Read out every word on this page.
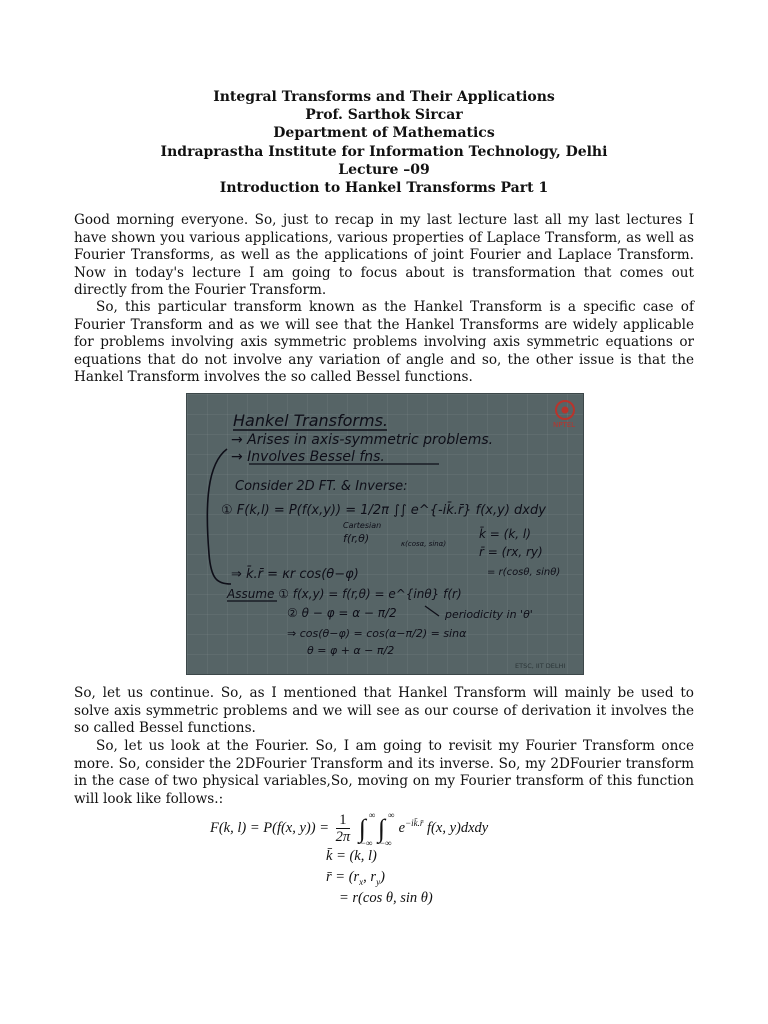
Integral Transforms and Their Applications
Prof. Sarthok Sircar
Department of Mathematics
Indraprastha Institute for Information Technology, Delhi
Lecture –09
Introduction to Hankel Transforms Part 1

Good morning everyone. So, just to recap in my last lecture last all my last lectures I have shown you various applications, various properties of Laplace Transform, as well as Fourier Transforms, as well as the applications of joint Fourier and Laplace Transform. Now in today's lecture I am going to focus about is transformation that comes out directly from the Fourier Transform.

So, this particular transform known as the Hankel Transform is a specific case of Fourier Transform and as we will see that the Hankel Transforms are widely applicable for problems involving axis symmetric problems involving axis symmetric equations or equations that do not involve any variation of angle and so, the other issue is that the Hankel Transform involves the so called Bessel functions.

NPTEL
Hankel Transforms.
→ Arises in axis-symmetric problems.
→ Involves Bessel fns.
Consider 2D FT. & Inverse:
① F(k,l) = P(f(x,y)) = 1/2π ∫∫ e^{-ik̄.r̄} f(x,y) dxdy
Cartesian
f(r,θ)	κ(cosα, sinα)
k̄ = (k, l)
r̄ = (rx, ry)
= r(cosθ, sinθ)
⇒ k̄.r̄ = κr cos(θ−φ)
Assume ① f(x,y) = f(r,θ) = e^{inθ} f(r)
periodicity in 'θ'
② θ − φ = α − π/2
⇒ cos(θ−φ) = cos(α−π/2) = sinα
θ = φ + α − π/2
ETSC, IIT DELHI

So, let us continue. So, as I mentioned that Hankel Transform will mainly be used to solve axis symmetric problems and we will see as our course of derivation it involves the so called Bessel functions.

So, let us look at the Fourier. So, I am going to revisit my Fourier Transform once more. So, consider the 2DFourier Transform and its inverse. So, my 2DFourier transform in the case of two physical variables,So, moving on my Fourier transform of this function will look like follows.:

F(k, l) = P(f(x, $y)) = \frac{1}{2\pi}$ ∫ ∞
−∞ ∫ ∞
−∞
$e^{-ik̄.r̄}$ f(x, y)dxdy
k̄ = (k, l)
r̄ = ($r_x$, $r_y$)
= r(cos θ, sin θ)
